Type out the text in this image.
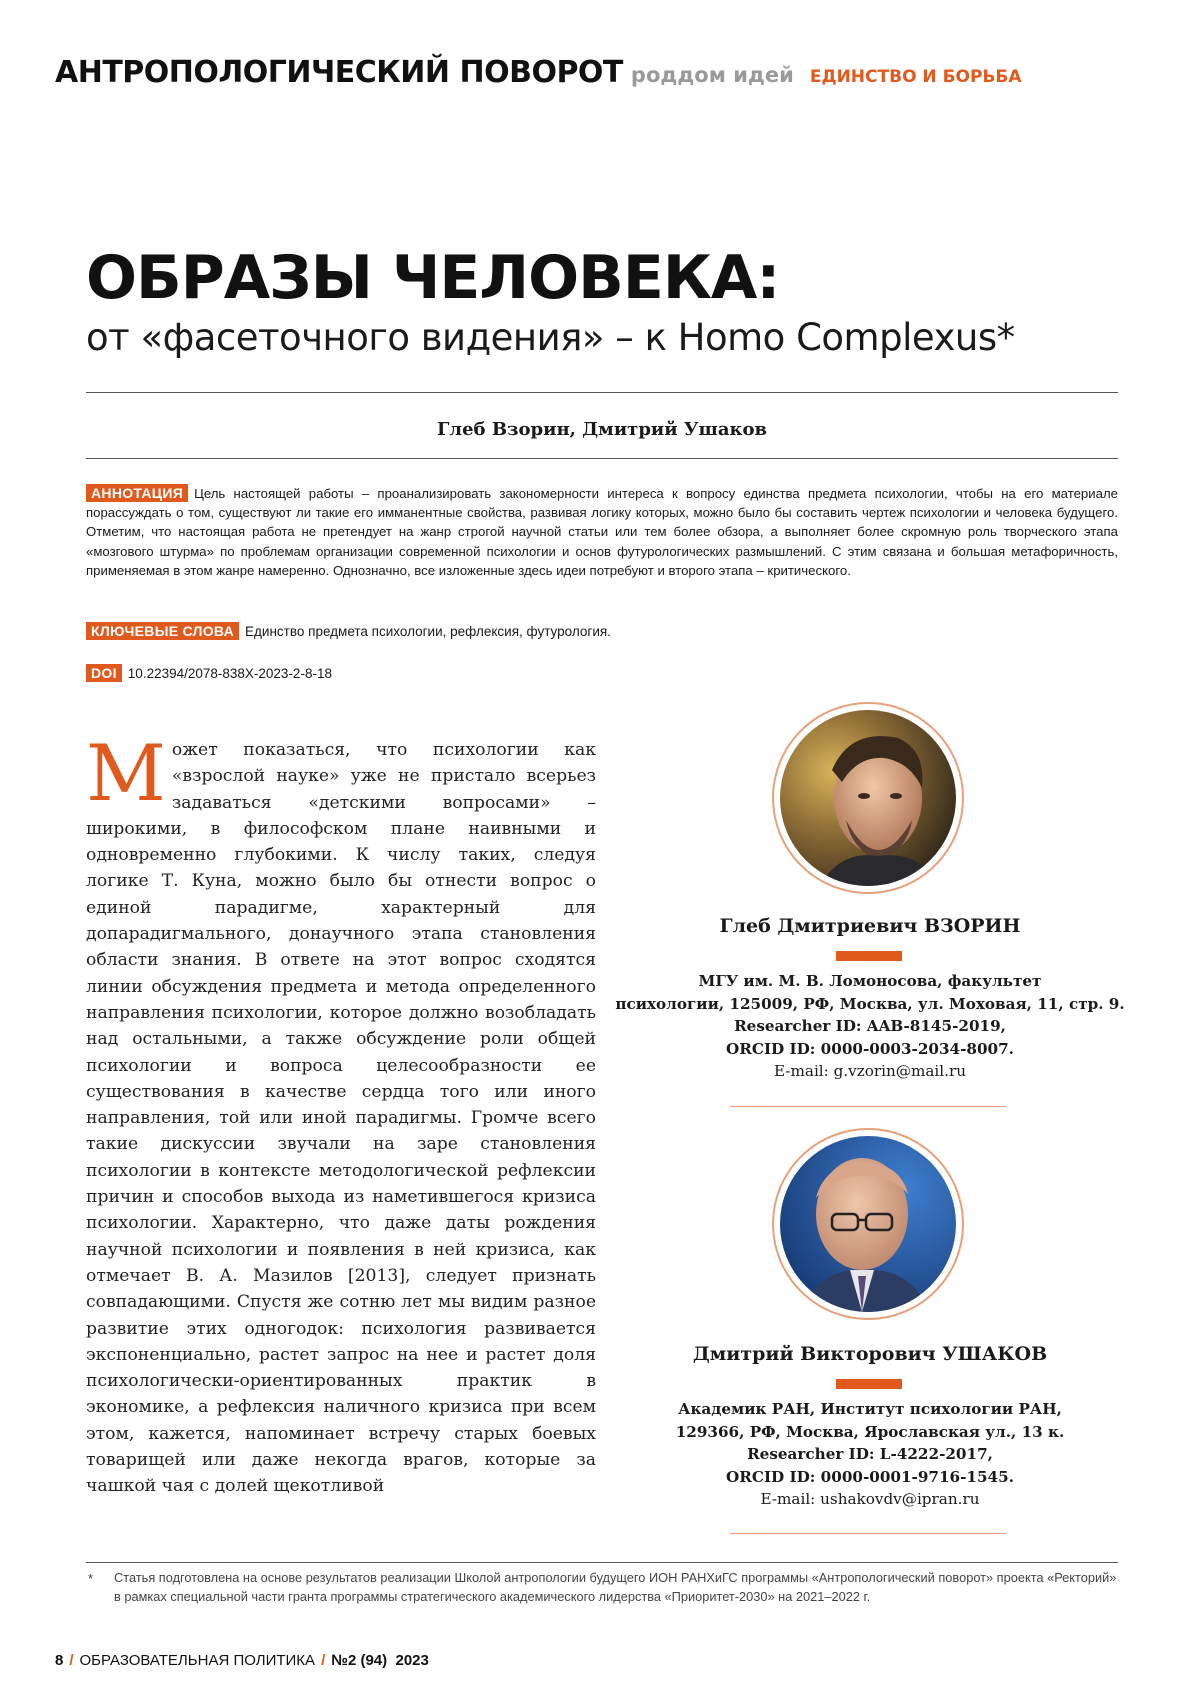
АНТРОПОЛОГИЧЕСКИЙ ПОВОРОТ роддом идей ЕДИНСТВО И БОРЬБА
ОБРАЗЫ ЧЕЛОВЕКА:
от «фасеточного видения» – к Homo Complexus*
Глеб Взорин, Дмитрий Ушаков
АННОТАЦИЯ Цель настоящей работы – проанализировать закономерности интереса к вопросу единства предмета психологии, чтобы на его материале порассуждать о том, существуют ли такие его имманентные свойства, развивая логику которых, можно было бы составить чертеж психологии и человека будущего. Отметим, что настоящая работа не претендует на жанр строгой научной статьи или тем более обзора, а выполняет более скромную роль творческого этапа «мозгового штурма» по проблемам организации современной психологии и основ футурологических размышлений. С этим связана и большая метафоричность, применяемая в этом жанре намеренно. Однозначно, все изложенные здесь идеи потребуют и второго этапа – критического.
КЛЮЧЕВЫЕ СЛОВА Единство предмета психологии, рефлексия, футурология.
DOI 10.22394/2078-838X-2023-2-8-18
М ожет показаться, что психологии как «взрослой науке» уже не пристало всерьез задаваться «детскими вопросами» – широкими, в философском плане наивными и одновременно глубокими. К числу таких, следуя логике Т. Куна, можно было бы отнести вопрос о единой парадигме, характерный для допарадигмального, донаучного этапа становления области знания. В ответе на этот вопрос сходятся линии обсуждения предмета и метода определенного направления психологии, которое должно возобладать над остальными, а также обсуждение роли общей психологии и вопроса целесообразности ее существования в качестве сердца того или иного направления, той или иной парадигмы. Громче всего такие дискуссии звучали на заре становления психологии в контексте методологической рефлексии причин и способов выхода из наметившегося кризиса психологии. Характерно, что даже даты рождения научной психологии и появления в ней кризиса, как отмечает В. А. Мазилов [2013], следует признать совпадающими. Спустя же сотню лет мы видим разное развитие этих одногодок: психология развивается экспоненциально, растет запрос на нее и растет доля психологически-ориентированных практик в экономике, а рефлексия наличного кризиса при всем этом, кажется, напоминает встречу старых боевых товарищей или даже некогда врагов, которые за чашкой чая с долей щекотливой
Глеб Дмитриевич ВЗОРИН
МГУ им. М. В. Ломоносова, факультет
психологии, 125009, РФ, Москва, ул. Моховая, 11, стр. 9.
Researcher ID: AAB-8145-2019,
ORCID ID: 0000-0003-2034-8007.
E-mail: g.vzorin@mail.ru
Дмитрий Викторович УШАКОВ
Академик РАН, Институт психологии РАН,
129366, РФ, Москва, Ярославская ул., 13 к.
Researcher ID: L-4222-2017,
ORCID ID: 0000-0001-9716-1545.
E-mail: ushakovdv@ipran.ru
* Статья подготовлена на основе результатов реализации Школой антропологии будущего ИОН РАНХиГС программы «Антропологический поворот» проекта «Ректорий» в рамках специальной части гранта программы стратегического академического лидерства «Приоритет-2030» на 2021–2022 г.
8 / ОБРАЗОВАТЕЛЬНАЯ ПОЛИТИКА / №2 (94) 2023
